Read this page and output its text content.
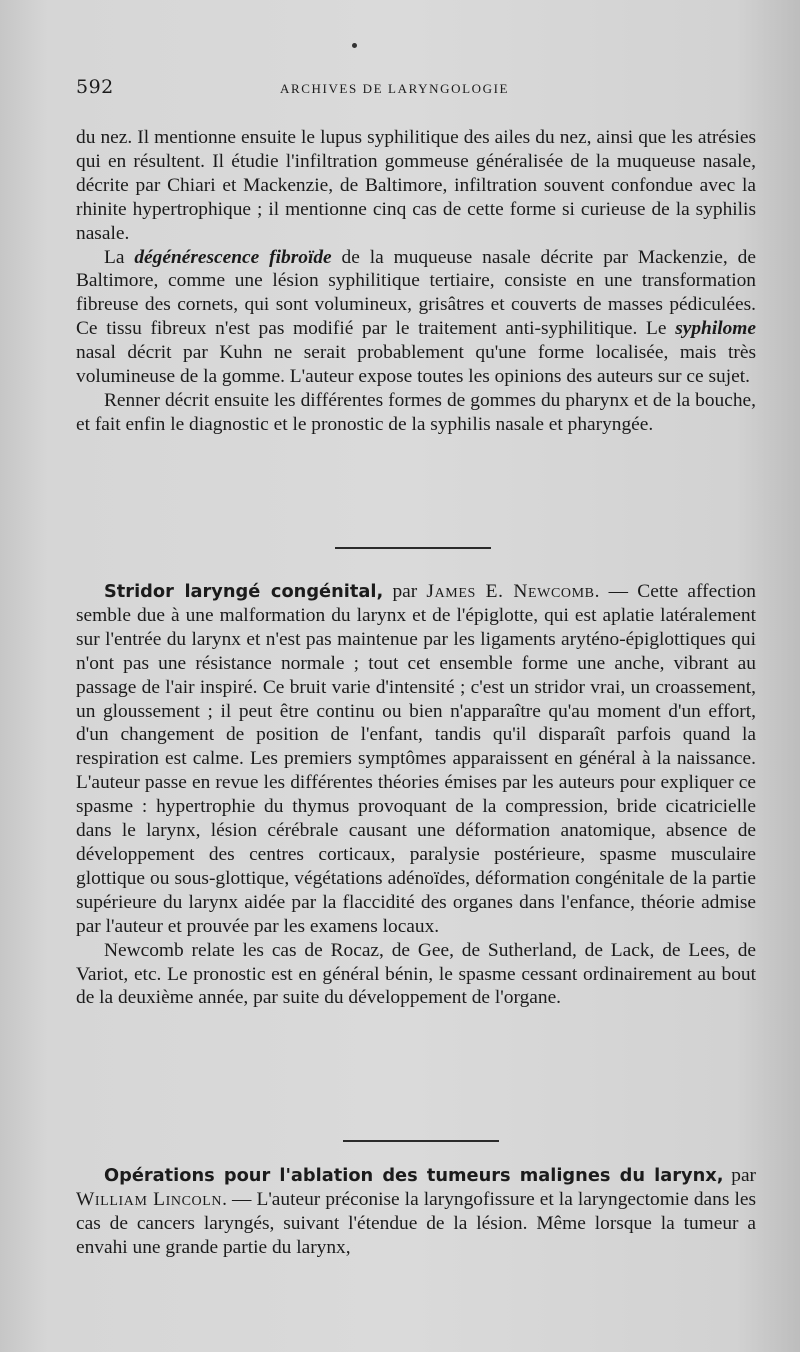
592	ARCHIVES DE LARYNGOLOGIE

du nez. Il mentionne ensuite le lupus syphilitique des ailes du nez, ainsi que les atrésies qui en résultent. Il étudie l'infiltration gommeuse généralisée de la muqueuse nasale, décrite par Chiari et Mackenzie, de Baltimore, infiltration souvent confondue avec la rhinite hypertrophique ; il mentionne cinq cas de cette forme si curieuse de la syphilis nasale.

La dégénérescence fibroïde de la muqueuse nasale décrite par Mackenzie, de Baltimore, comme une lésion syphilitique tertiaire, consiste en une transformation fibreuse des cornets, qui sont volumineux, grisâtres et couverts de masses pédiculées. Ce tissu fibreux n'est pas modifié par le traitement anti-syphilitique. Le syphilome nasal décrit par Kuhn ne serait probablement qu'une forme localisée, mais très volumineuse de la gomme. L'auteur expose toutes les opinions des auteurs sur ce sujet.

Renner décrit ensuite les différentes formes de gommes du pharynx et de la bouche, et fait enfin le diagnostic et le pronostic de la syphilis nasale et pharyngée.

Stridor laryngé congénital, par James E. Newcomb. — Cette affection semble due à une malformation du larynx et de l'épiglotte, qui est aplatie latéralement sur l'entrée du larynx et n'est pas maintenue par les ligaments aryténo-épiglottiques qui n'ont pas une résistance normale ; tout cet ensemble forme une anche, vibrant au passage de l'air inspiré. Ce bruit varie d'intensité ; c'est un stridor vrai, un croassement, un gloussement ; il peut être continu ou bien n'apparaître qu'au moment d'un effort, d'un changement de position de l'enfant, tandis qu'il disparaît parfois quand la respiration est calme. Les premiers symptômes apparaissent en général à la naissance. L'auteur passe en revue les différentes théories émises par les auteurs pour expliquer ce spasme : hypertrophie du thymus provoquant de la compression, bride cicatricielle dans le larynx, lésion cérébrale causant une déformation anatomique, absence de développement des centres corticaux, paralysie postérieure, spasme musculaire glottique ou sous-glottique, végétations adénoïdes, déformation congénitale de la partie supérieure du larynx aidée par la flaccidité des organes dans l'enfance, théorie admise par l'auteur et prouvée par les examens locaux.

Newcomb relate les cas de Rocaz, de Gee, de Sutherland, de Lack, de Lees, de Variot, etc. Le pronostic est en général bénin, le spasme cessant ordinairement au bout de la deuxième année, par suite du développement de l'organe.

Opérations pour l'ablation des tumeurs malignes du larynx, par William Lincoln. — L'auteur préconise la laryngofissure et la laryngectomie dans les cas de cancers laryngés, suivant l'étendue de la lésion. Même lorsque la tumeur a envahi une grande partie du larynx,
